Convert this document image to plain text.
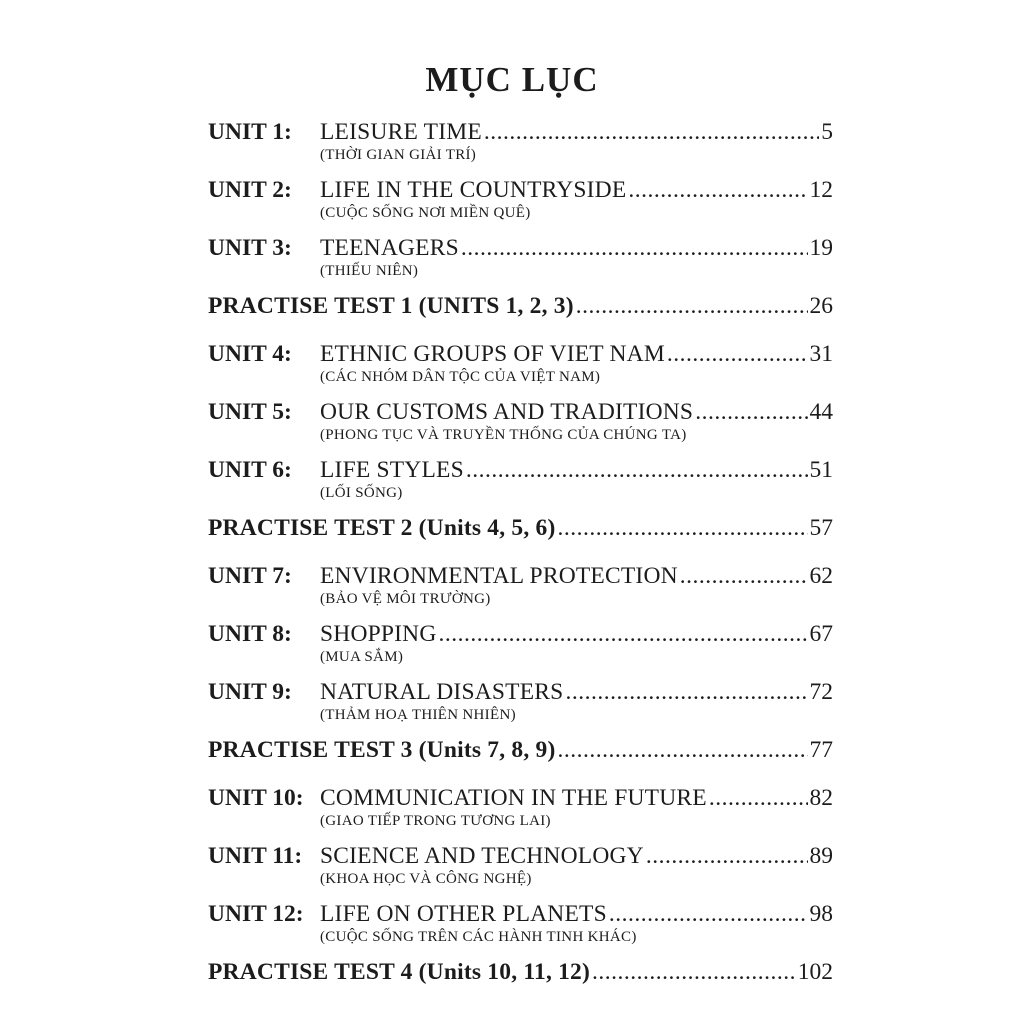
MỤC LỤC
UNIT 1:	LEISURE TIME .....	5
(THỜI GIAN GIẢI TRÍ)
UNIT 2:	LIFE IN THE COUNTRYSIDE .....	12
(CUỘC SỐNG NƠI MIỀN QUÊ)
UNIT 3:	TEENAGERS .....	19
(THIẾU NIÊN)
PRACTISE TEST 1 (UNITS 1, 2, 3) .....	26
UNIT 4:	ETHNIC GROUPS OF VIET NAM .....	31
(CÁC NHÓM DÂN TỘC CỦA VIỆT NAM)
UNIT 5:	OUR CUSTOMS AND TRADITIONS .....	44
(PHONG TỤC VÀ TRUYỀN THỐNG CỦA CHÚNG TA)
UNIT 6:	LIFE STYLES .....	51
(LỐI SỐNG)
PRACTISE TEST 2 (Units 4, 5, 6) .....	57
UNIT 7:	ENVIRONMENTAL PROTECTION .....	62
(BẢO VỆ MÔI TRƯỜNG)
UNIT 8:	SHOPPING .....	67
(MUA SẮM)
UNIT 9:	NATURAL DISASTERS .....	72
(THẢM HOẠ THIÊN NHIÊN)
PRACTISE TEST 3 (Units 7, 8, 9) .....	77
UNIT 10: COMMUNICATION IN THE FUTURE .....	82
(GIAO TIẾP TRONG TƯƠNG LAI)
UNIT 11: SCIENCE AND TECHNOLOGY .....	89
(KHOA HỌC VÀ CÔNG NGHỆ)
UNIT 12: LIFE ON OTHER PLANETS .....	98
(CUỘC SỐNG TRÊN CÁC HÀNH TINH KHÁC)
PRACTISE TEST 4 (Units 10, 11, 12) .....	102
